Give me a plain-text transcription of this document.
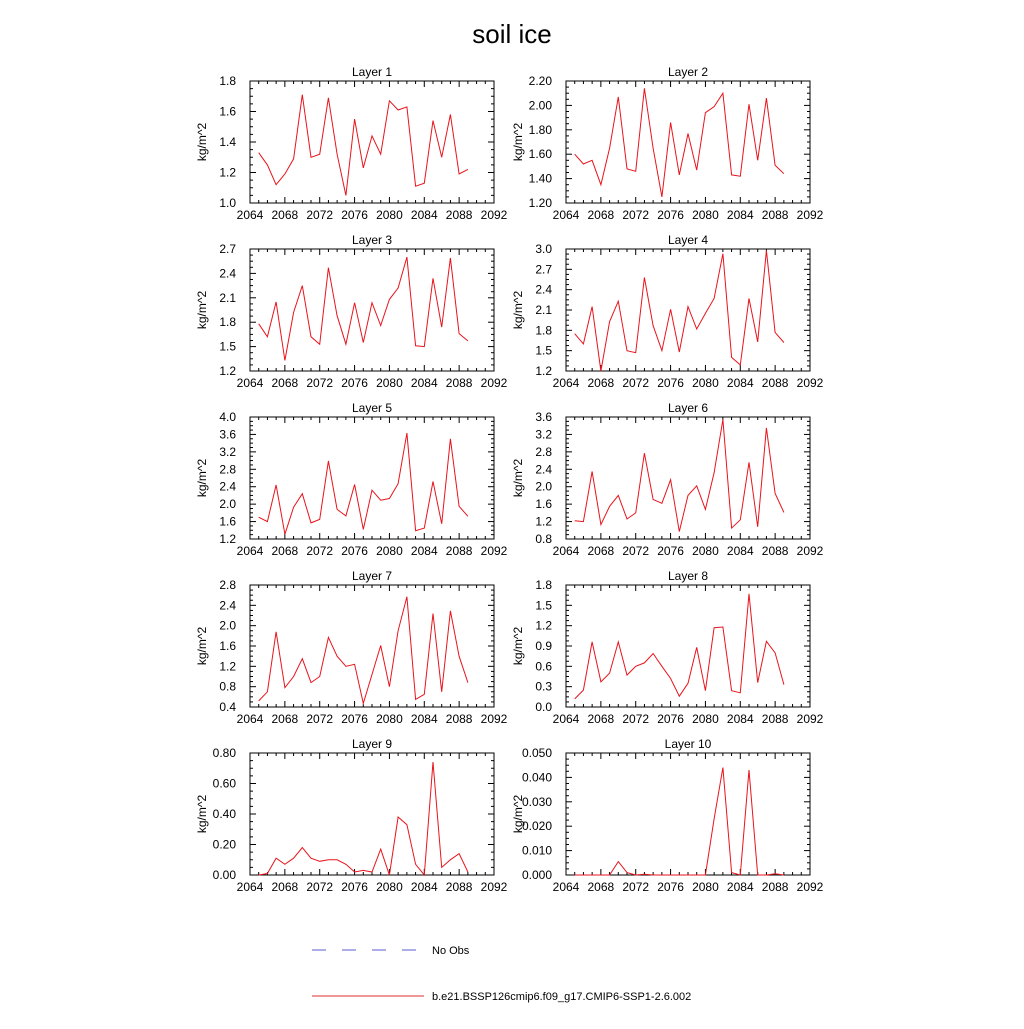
soil ice
Layer 1
2064 2068 2072 2076 2080 2084 2088 2092
1.0
1.2
1.4
1.6
1.8
kg/m^2
Layer 2
2064 2068 2072 2076 2080 2084 2088 2092
1.20
1.40
1.60
1.80
2.00
2.20
kg/m^2
Layer 3
2064 2068 2072 2076 2080 2084 2088 2092
1.2
1.5
1.8
2.1
2.4
2.7
kg/m^2
Layer 4
2064 2068 2072 2076 2080 2084 2088 2092
1.2
1.5
1.8
2.1
2.4
2.7
3.0
kg/m^2
Layer 5
2064 2068 2072 2076 2080 2084 2088 2092
1.2
1.6
2.0
2.4
2.8
3.2
3.6
4.0
kg/m^2
Layer 6
2064 2068 2072 2076 2080 2084 2088 2092
0.8
1.2
1.6
2.0
2.4
2.8
3.2
3.6
kg/m^2
Layer 7
2064 2068 2072 2076 2080 2084 2088 2092
0.4
0.8
1.2
1.6
2.0
2.4
2.8
kg/m^2
Layer 8
2064 2068 2072 2076 2080 2084 2088 2092
0.0
0.3
0.6
0.9
1.2
1.5
1.8
kg/m^2
Layer 9
2064 2068 2072 2076 2080 2084 2088 2092
0.00
0.20
0.40
0.60
0.80
kg/m^2
Layer 10
2064 2068 2072 2076 2080 2084 2088 2092
0.000
0.010
0.020
0.030
0.040
0.050
kg/m^2
No Obs
b.e21.BSSP126cmip6.f09_g17.CMIP6-SSP1-2.6.002
